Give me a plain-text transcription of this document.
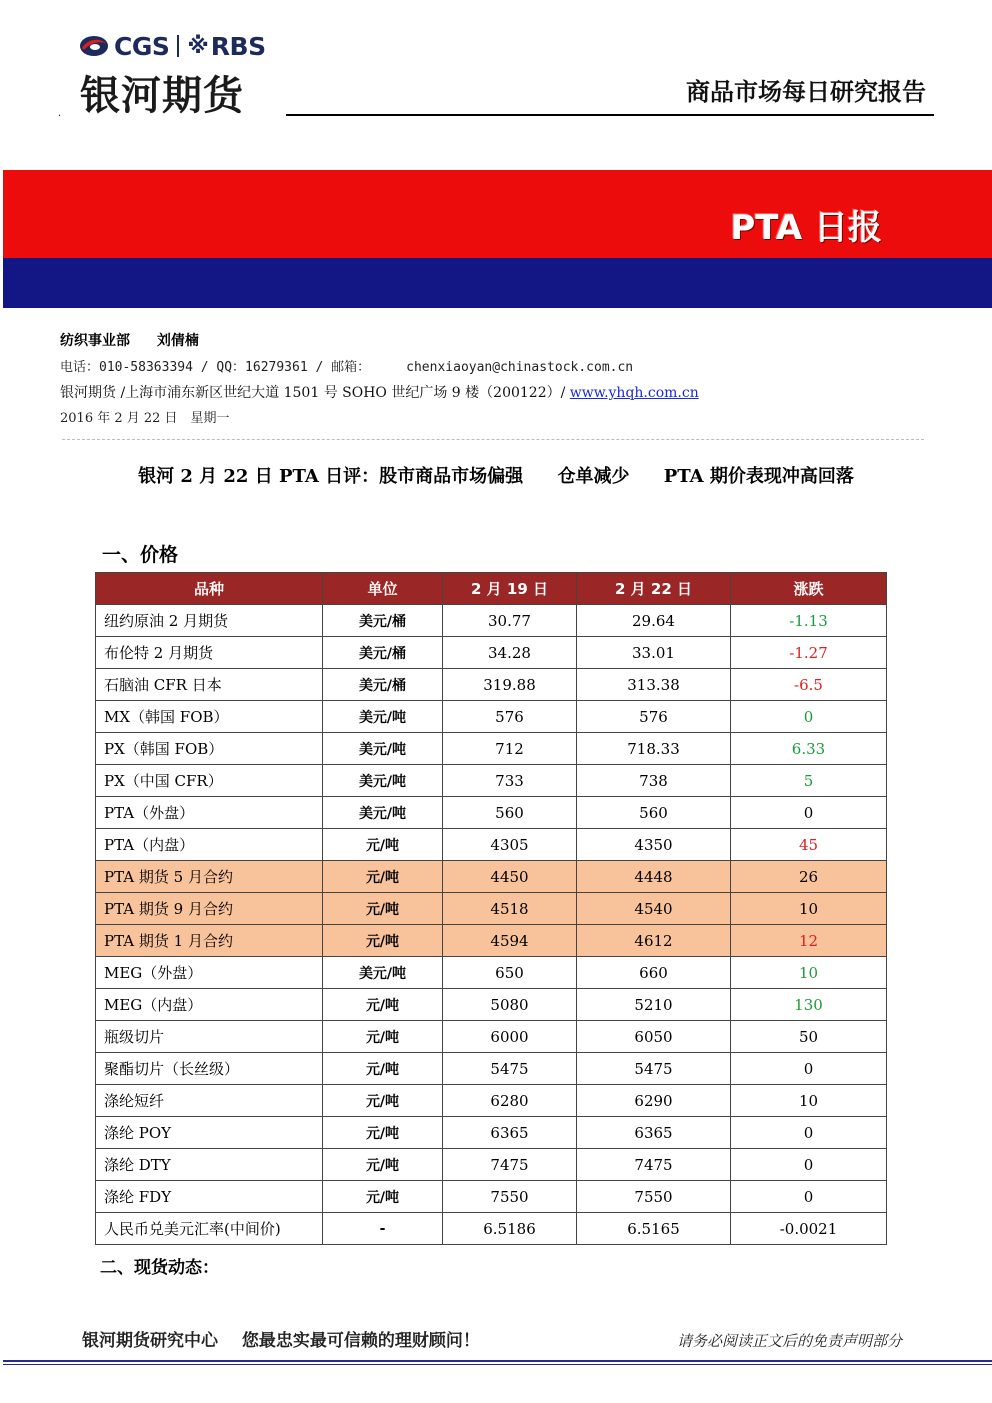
CGS ※ RBS
银河期货	商品市场每日研究报告
.
PTA 日报
纺织事业部 刘倩楠
电话：010-58363394 / QQ：16279361 / 邮箱：	chenxiaoyan@chinastock.com.cn
银河期货 /上海市浦东新区世纪大道 1501 号 SOHO 世纪广场 9 楼（200122）/ www.yhqh.com.cn
2016 年 2 月 22 日　星期一
银河 2 月 22 日 PTA 日评：股市商品市场偏强 仓单减少 PTA 期价表现冲高回落
一、价格
品种	单位	2 月 19 日	2 月 22 日	涨跌
纽约原油 2 月期货	美元/桶	30.77	29.64	-1.13
布伦特 2 月期货	美元/桶	34.28	33.01	-1.27
石脑油 CFR 日本	美元/桶	319.88	313.38	-6.5
MX（韩国 FOB）	美元/吨	576	576	0
PX（韩国 FOB）	美元/吨	712	718.33	6.33
PX（中国 CFR）	美元/吨	733	738	5
PTA（外盘）	美元/吨	560	560	0
PTA（内盘）	元/吨	4305	4350	45
PTA 期货 5 月合约	元/吨	4450	4448	26
PTA 期货 9 月合约	元/吨	4518	4540	10
PTA 期货 1 月合约	元/吨	4594	4612	12
MEG（外盘）	美元/吨	650	660	10
MEG（内盘）	元/吨	5080	5210	130
瓶级切片	元/吨	6000	6050	50
聚酯切片（长丝级）	元/吨	5475	5475	0
涤纶短纤	元/吨	6280	6290	10
涤纶 POY	元/吨	6365	6365	0
涤纶 DTY	元/吨	7475	7475	0
涤纶 FDY	元/吨	7550	7550	0
人民币兑美元汇率(中间价)	-	6.5186	6.5165	-0.0021
二、现货动态：
银河期货研究中心 您最忠实最可信赖的理财顾问！	请务必阅读正文后的免责声明部分
